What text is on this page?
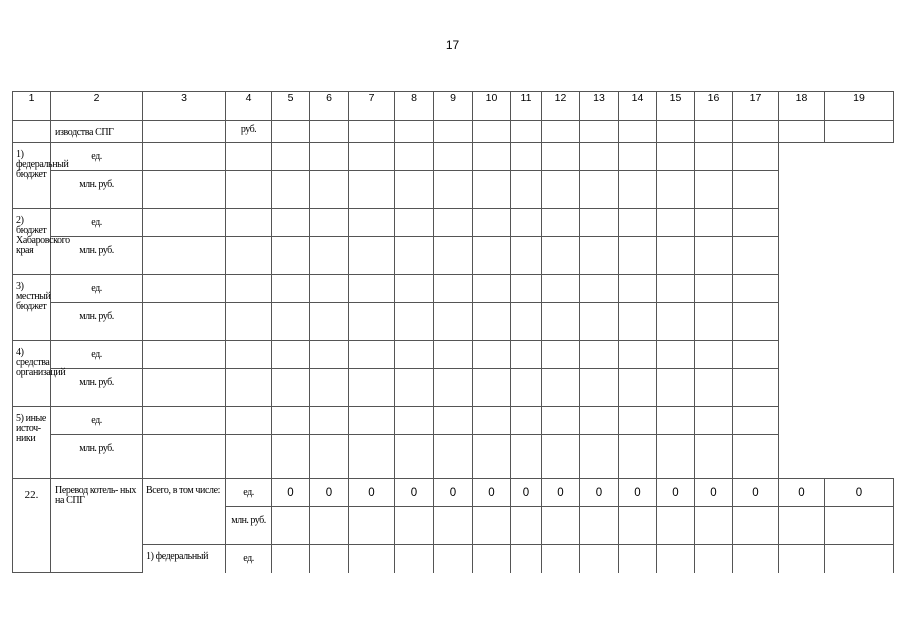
17
1	2	3	4	5	6	7	8	9	10	11	12	13	14	15	16	17	18	19
	изводства СПГ		руб.															
1) федеральный бюджет	ед.																	
	млн. руб.																	
2) бюджет Хабаровского края	ед.																	
	млн. руб.																	
3) местный бюджет	ед.																	
	млн. руб.																	
4) средства организаций	ед.																	
	млн. руб.																	
5) иные источ- ники	ед.																	
	млн. руб.																	
22.	Перевод котель- ных на СПГ	Всего, в том числе:	ед.	0	0	0	0	0	0	0	0	0	0	0	0	0	0	0
			млн. руб.															
		1) федеральный	ед.															
